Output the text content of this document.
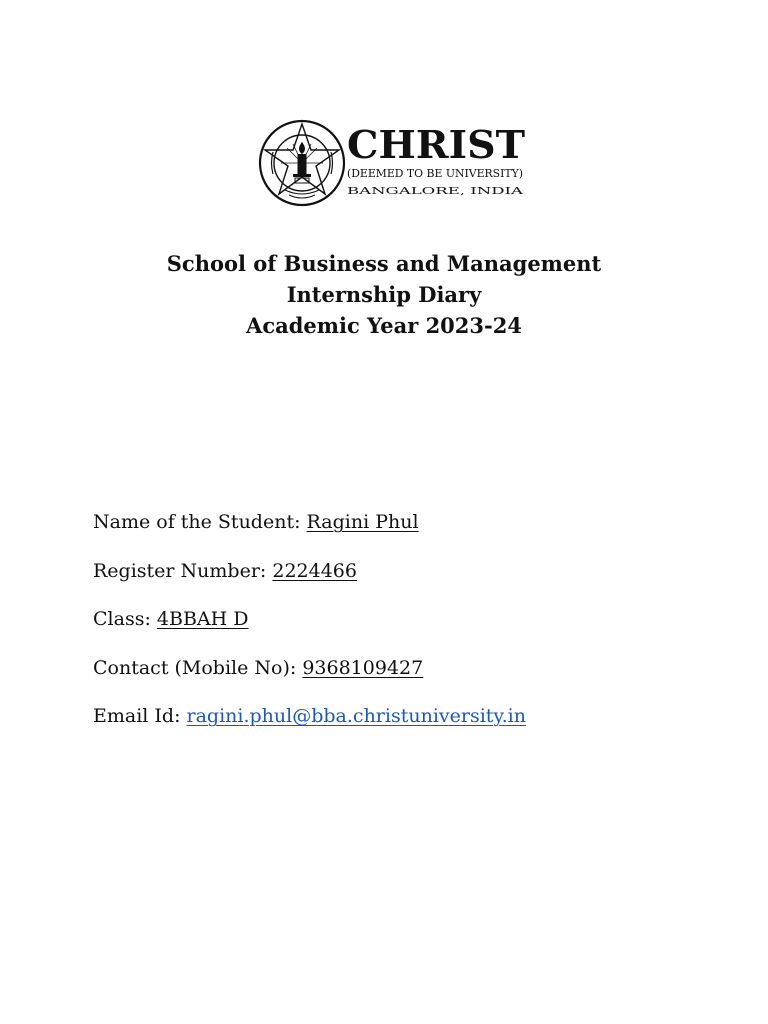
CHRIST
(DEEMED TO BE UNIVERSITY)
BANGALORE, INDIA
School of Business and Management
Internship Diary
Academic Year 2023-24
Name of the Student: Ragini Phul
Register Number: 2224466
Class: 4BBAH D
Contact (Mobile No): 9368109427
Email Id: ragini.phul@bba.christuniversity.in
